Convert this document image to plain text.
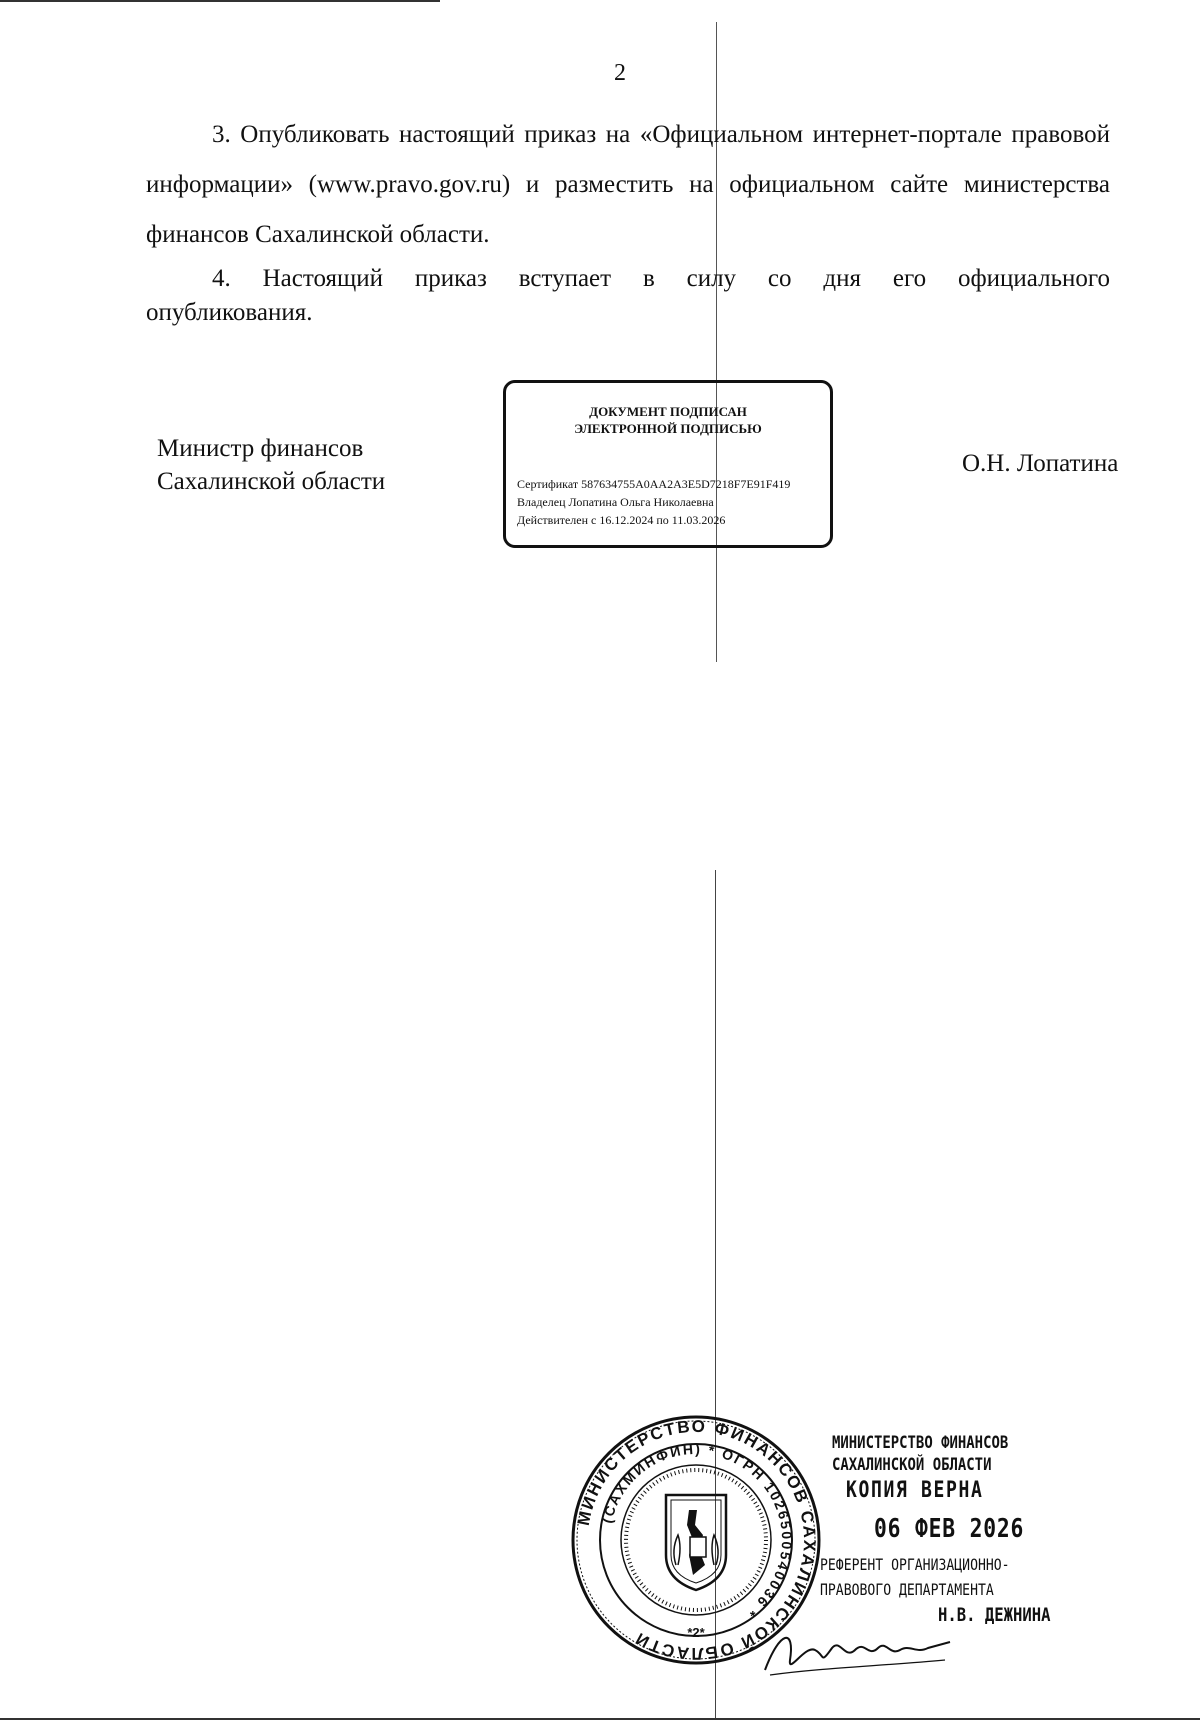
2

3. Опубликовать настоящий приказ на «Официальном интернет-портале правовой информации» (www.pravo.gov.ru) и разместить на официальном сайте министерства финансов Сахалинской области.

4. Настоящий приказ вступает в силу со дня его официального
опубликования.

Министр финансов
Сахалинской области
О.Н. Лопатина
ДОКУМЕНТ ПОДПИСАН
ЭЛЕКТРОННОЙ ПОДПИСЬЮ
Сертификат 587634755А0АА2А3Е5D7218F7E91F419
Владелец Лопатина Ольга Николаевна
Действителен с 16.12.2024 по 11.03.2026
МИНИСТЕРСТВО ФИНАНСОВ САХАЛИНСКОЙ ОБЛАСТИ
(САХМИНФИН) * ОГРН 1026500540036 *
*2*
МИНИСТЕРСТВО ФИНАНСОВ
САХАЛИНСКОЙ ОБЛАСТИ
КОПИЯ ВЕРНА
06 ФЕВ 2026
РЕФЕРЕНТ ОРГАНИЗАЦИОННО-
ПРАВОВОГО ДЕПАРТАМЕНТА
Н.В. ДЕЖНИНА
